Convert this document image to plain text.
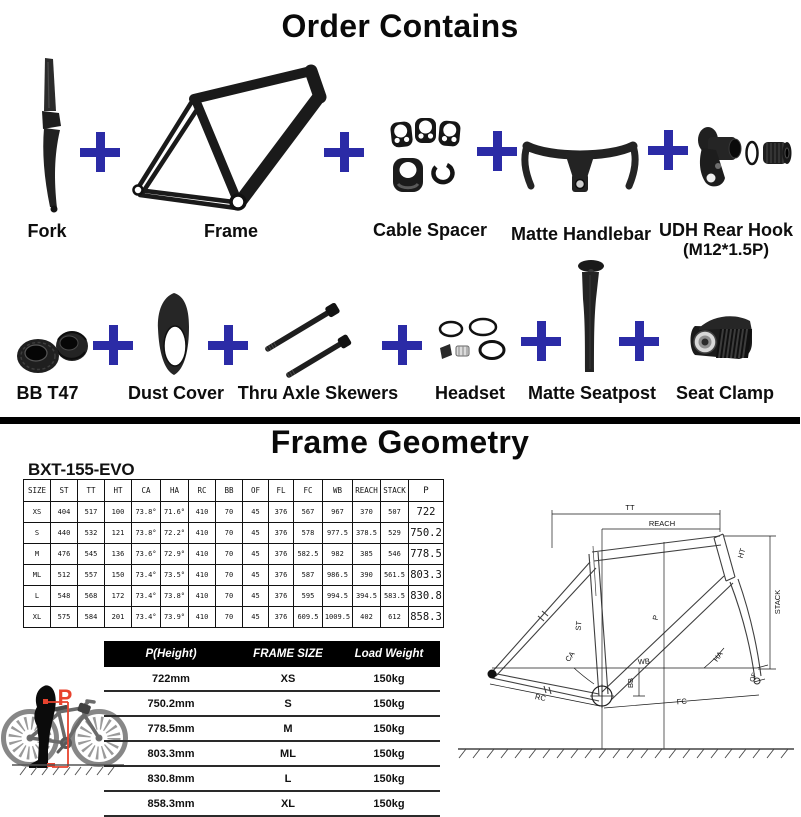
Order Contains
Fork	Frame	Cable Spacer	Matte Handlebar UDH Rear Hook
(M12*1.5P)
BB T47	Dust Cover Thru Axle Skewers	Headset	Matte Seatpost	Seat Clamp
Frame Geometry
BXT-155-EVO
SIZE	ST	TT	HT	CA	HA	RC	BB	OF	FL	FC	WB	REACH	STACK	P
XS	404	517	100	73.8°	71.6°	410	70	45	376	567	967	370	507	722
S	440	532	121	73.8°	72.2°	410	70	45	376	578	977.5	378.5	529	750.2
M	476	545	136	73.6°	72.9°	410	70	45	376	582.5	982	385	546	778.5
ML	512	557	150	73.4°	73.5°	410	70	45	376	587	986.5	390	561.5	803.3
L	548	568	172	73.4°	73.8°	410	70	45	376	595	994.5	394.5	583.5	830.8
XL	575	584	201	73.4°	73.9°	410	70	45	376	609.5	1009.5	402	612	858.3
TT
REACH
HT
STACK
P
ST
CA	HA
WB
BB
RC	FC
OF
P
P(Height)	FRAME SIZE	Load Weight
722mm	XS	150kg
750.2mm	S	150kg
778.5mm	M	150kg
803.3mm	ML	150kg
830.8mm	L	150kg
858.3mm	XL	150kg
